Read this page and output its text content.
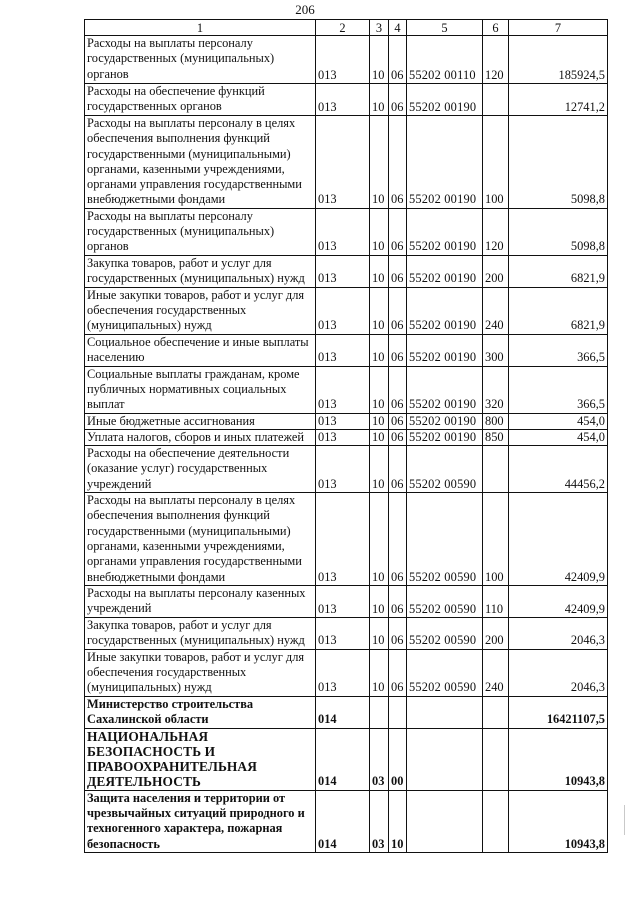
206
1	2	3	4	5	6	7
Расходы на выплаты персоналу государственных (муниципальных) органов	013	10	06	55202 00110	120	185924,5
Расходы на обеспечение функций государственных органов	013	10	06	55202 00190		12741,2
Расходы на выплаты персоналу в целях обеспечения выполнения функций государственными (муниципальными) органами, казенными учреждениями, органами управления государственными внебюджетными фондами	013	10	06	55202 00190	100	5098,8
Расходы на выплаты персоналу государственных (муниципальных) органов	013	10	06	55202 00190	120	5098,8
Закупка товаров, работ и услуг для государственных (муниципальных) нужд	013	10	06	55202 00190	200	6821,9
Иные закупки товаров, работ и услуг для обеспечения государственных (муниципальных) нужд	013	10	06	55202 00190	240	6821,9
Социальное обеспечение и иные выплаты населению	013	10	06	55202 00190	300	366,5
Социальные выплаты гражданам, кроме публичных нормативных социальных выплат	013	10	06	55202 00190	320	366,5
Иные бюджетные ассигнования	013	10	06	55202 00190	800	454,0
Уплата налогов, сборов и иных платежей	013	10	06	55202 00190	850	454,0
Расходы на обеспечение деятельности (оказание услуг) государственных учреждений	013	10	06	55202 00590		44456,2
Расходы на выплаты персоналу в целях обеспечения выполнения функций государственными (муниципальными) органами, казенными учреждениями, органами управления государственными внебюджетными фондами	013	10	06	55202 00590	100	42409,9
Расходы на выплаты персоналу казенных учреждений	013	10	06	55202 00590	110	42409,9
Закупка товаров, работ и услуг для государственных (муниципальных) нужд	013	10	06	55202 00590	200	2046,3
Иные закупки товаров, работ и услуг для обеспечения государственных (муниципальных) нужд	013	10	06	55202 00590	240	2046,3
Министерство строительства Сахалинской области	014					16421107,5
НАЦИОНАЛЬНАЯ БЕЗОПАСНОСТЬ И ПРАВООХРАНИТЕЛЬНАЯ ДЕЯТЕЛЬНОСТЬ	014	03	00			10943,8
Защита населения и территории от чрезвычайных ситуаций природного и техногенного характера, пожарная безопасность	014	03	10			10943,8
